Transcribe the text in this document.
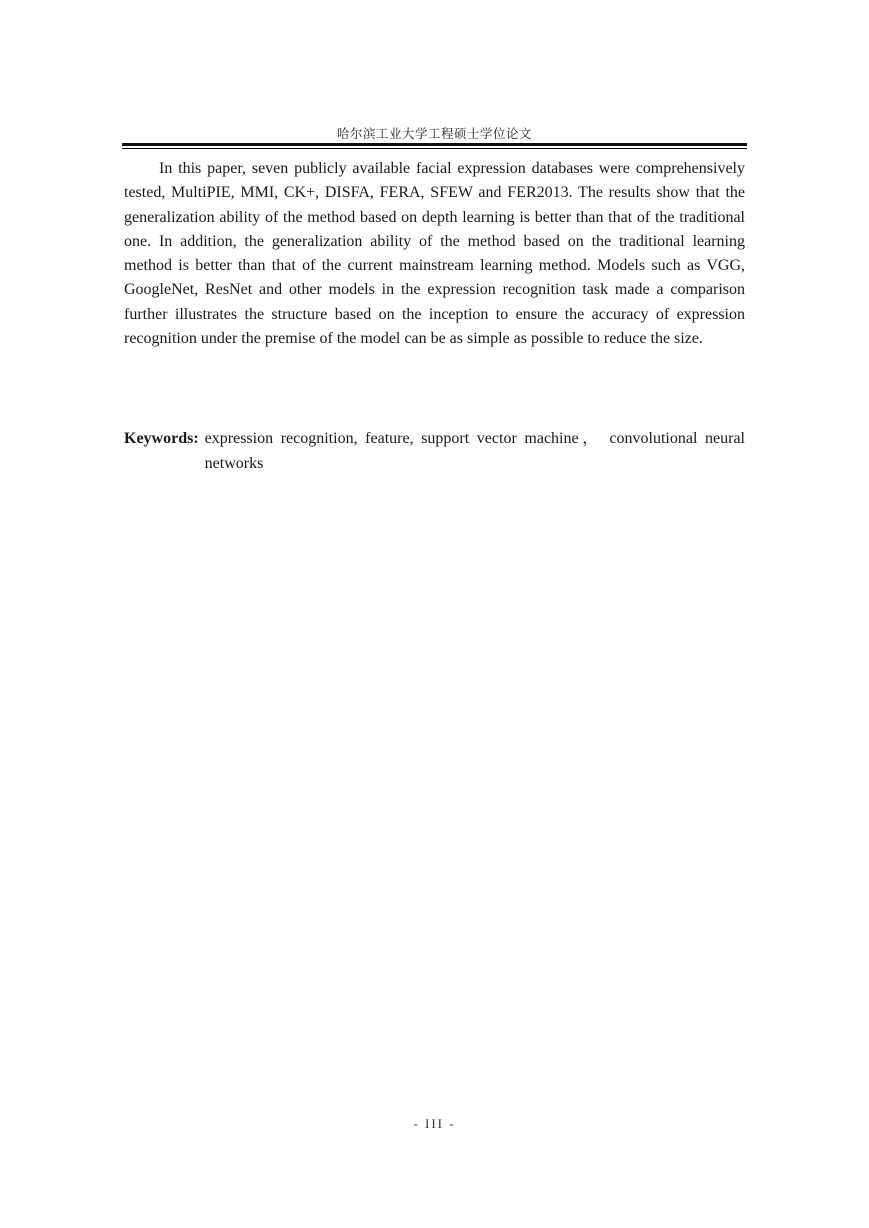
哈尔滨工业大学工程硕士学位论文

In this paper, seven publicly available facial expression databases were comprehensively tested, MultiPIE, MMI, CK+, DISFA, FERA, SFEW and FER2013. The results show that the generalization ability of the method based on depth learning is better than that of the traditional one. In addition, the generalization ability of the method based on the traditional learning method is better than that of the current mainstream learning method. Models such as VGG, GoogleNet, ResNet and other models in the expression recognition task made a comparison further illustrates the structure based on the inception to ensure the accuracy of expression recognition under the premise of the model can be as simple as possible to reduce the size.

Keywords: expression recognition, feature, support vector machine， convolutional neural networks
- III -
